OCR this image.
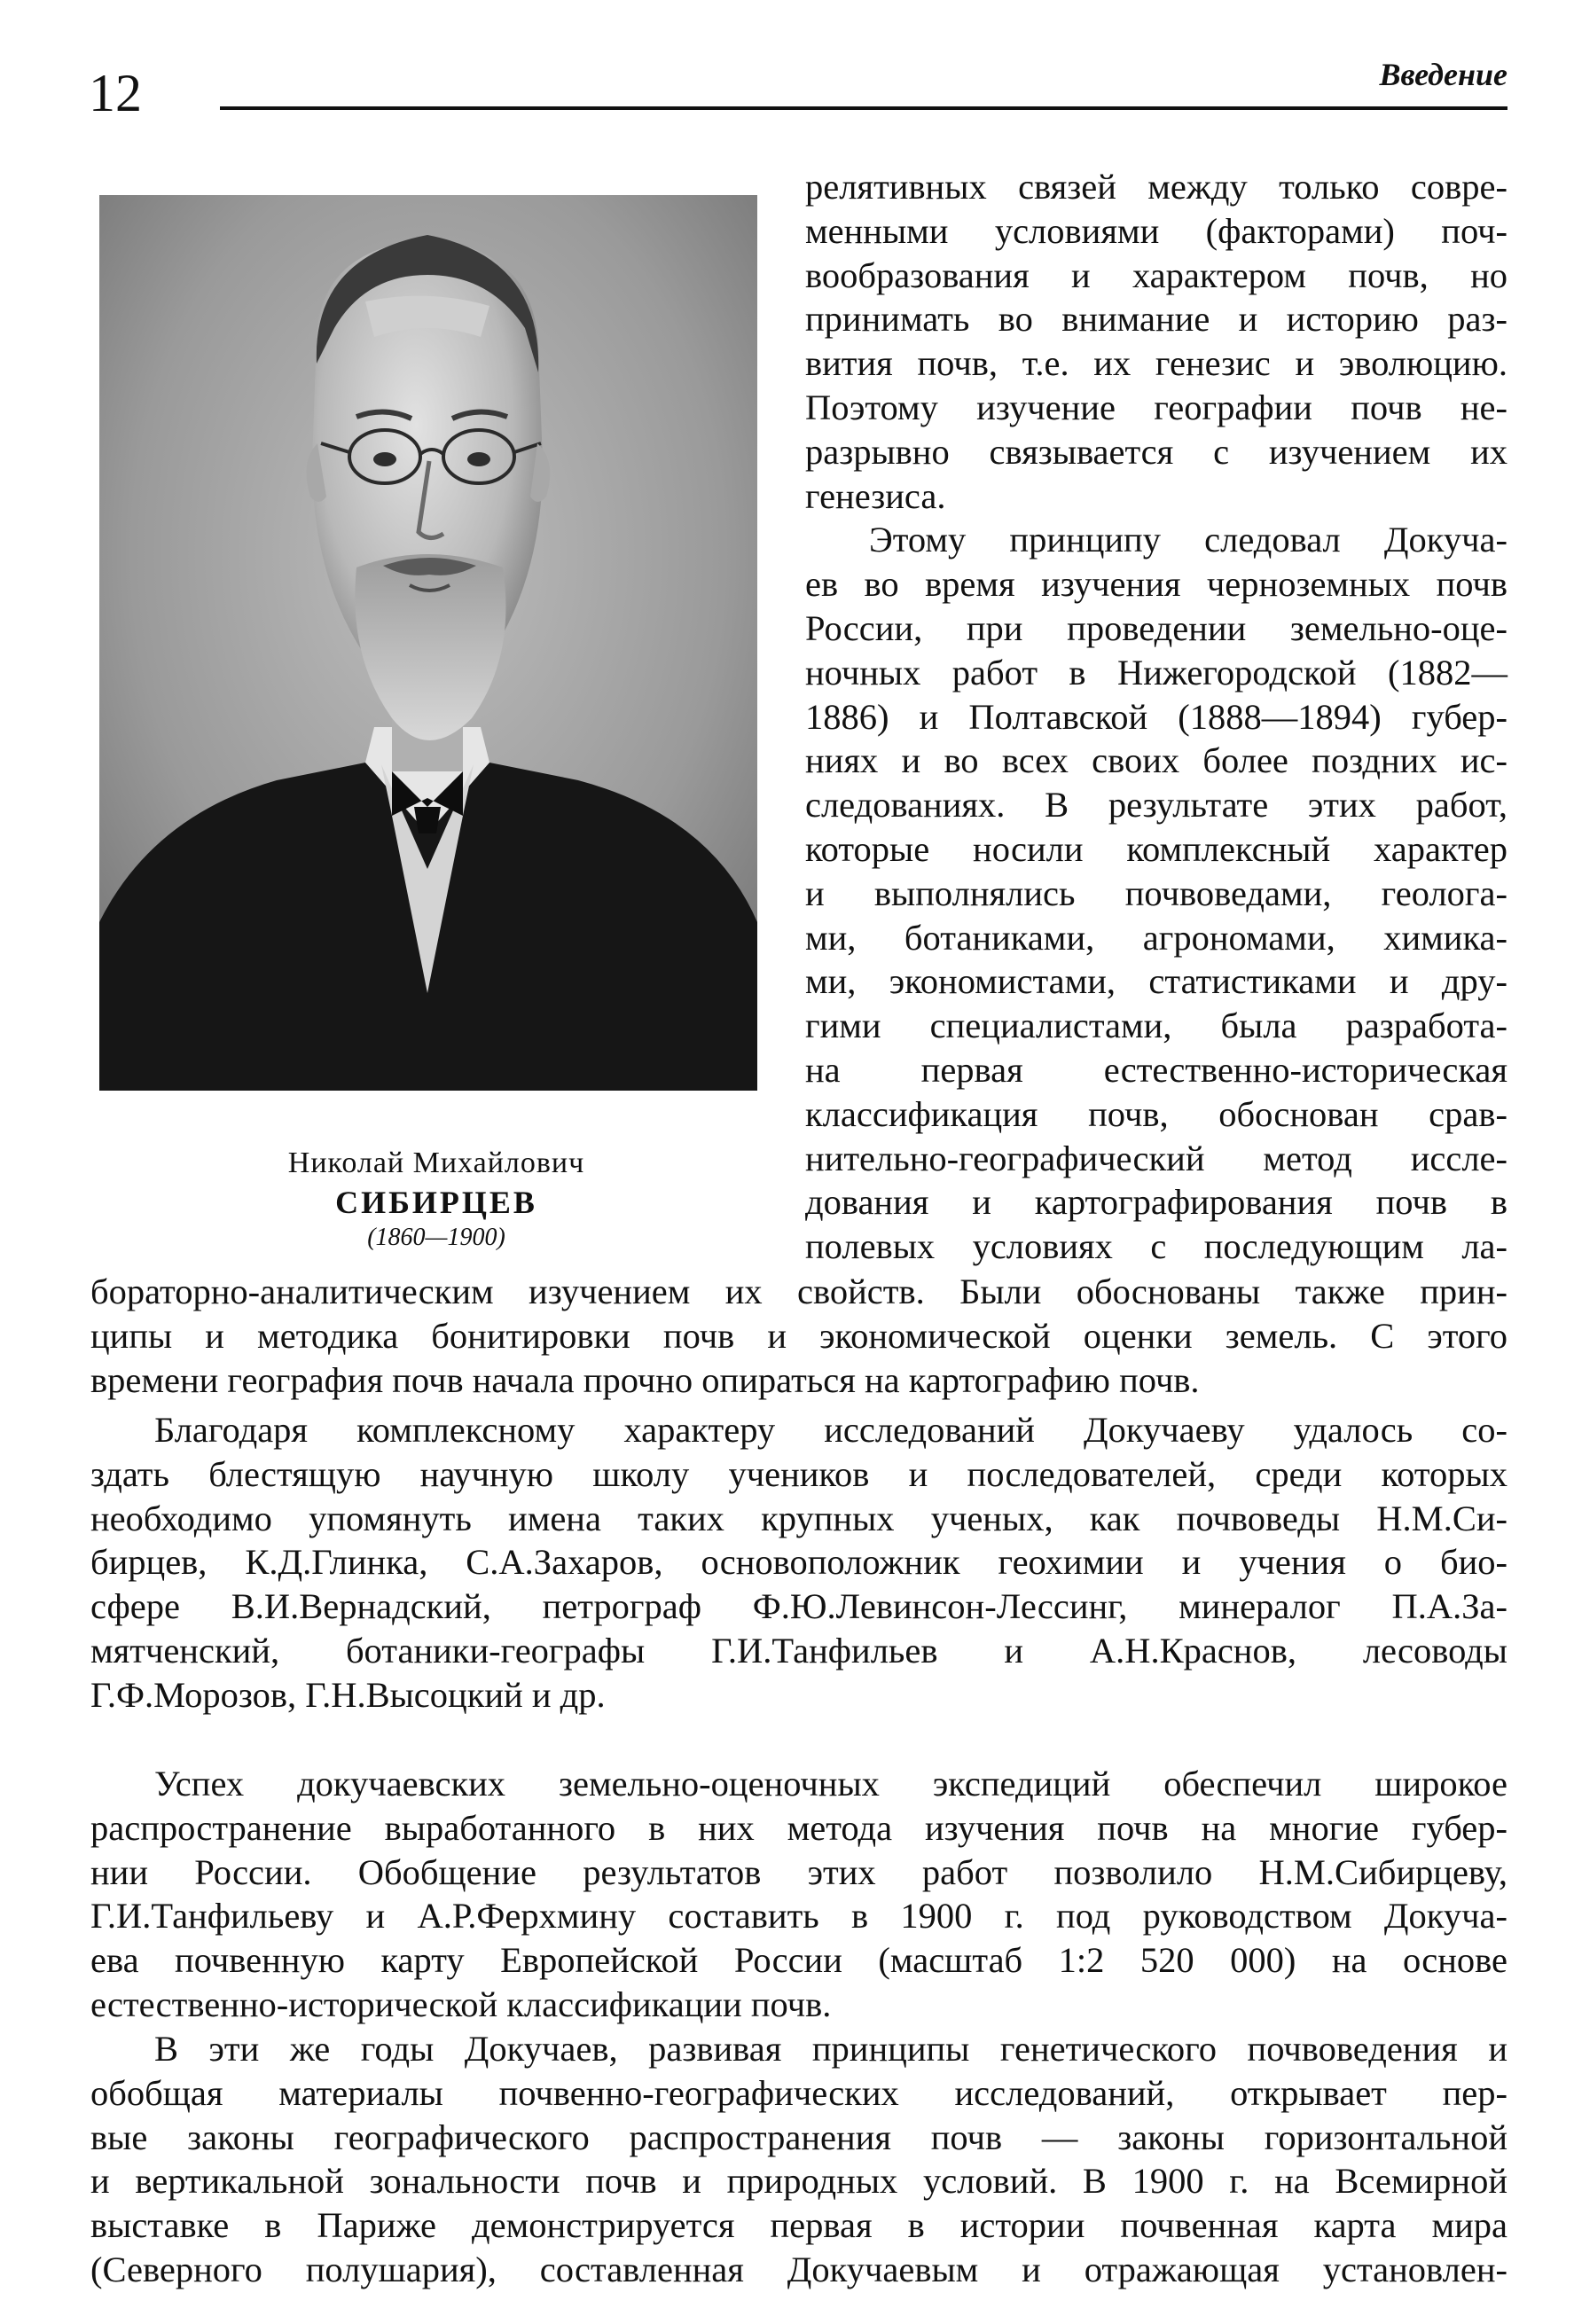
12	Введение
Николай Михайлович
СИБИРЦЕВ
(1860—1900)
релятивных связей между только совре-
менными условиями (факторами) поч-
вообразования и характером почв, но
принимать во внимание и историю раз-
вития почв, т.е. их генезис и эволюцию.
Поэтому изучение географии почв не-
разрывно связывается с изучением их
генезиса.
Этому принципу следовал Докуча-
ев во время изучения черноземных почв
России, при проведении земельно-оце-
ночных работ в Нижегородской (1882—
1886) и Полтавской (1888—1894) губер-
ниях и во всех своих более поздних ис-
следованиях. В результате этих работ,
которые носили комплексный характер
и выполнялись почвоведами, геолога-
ми, ботаниками, агрономами, химика-
ми, экономистами, статистиками и дру-
гими специалистами, была разработа-
на первая естественно-историческая
классификация почв, обоснован срав-
нительно-географический метод иссле-
дования и картографирования почв в
полевых условиях с последующим ла-
бораторно-аналитическим изучением их свойств. Были обоснованы также прин-
ципы и методика бонитировки почв и экономической оценки земель. С этого
времени география почв начала прочно опираться на картографию почв.
Благодаря комплексному характеру исследований Докучаеву удалось со-
здать блестящую научную школу учеников и последователей, среди которых
необходимо упомянуть имена таких крупных ученых, как почвоведы Н.М.Си-
бирцев, К.Д.Глинка, С.А.Захаров, основоположник геохимии и учения о био-
сфере В.И.Вернадский, петрограф Ф.Ю.Левинсон-Лессинг, минералог П.А.За-
мятченский, ботаники-географы Г.И.Танфильев и А.Н.Краснов, лесоводы
Г.Ф.Морозов, Г.Н.Высоцкий и др.
Успех докучаевских земельно-оценочных экспедиций обеспечил широкое
распространение выработанного в них метода изучения почв на многие губер-
нии России. Обобщение результатов этих работ позволило Н.М.Сибирцеву,
Г.И.Танфильеву и А.Р.Ферхмину составить в 1900 г. под руководством Докуча-
ева почвенную карту Европейской России (масштаб 1:2 520 000) на основе
естественно-исторической классификации почв.
В эти же годы Докучаев, развивая принципы генетического почвоведения и
обобщая материалы почвенно-географических исследований, открывает пер-
вые законы географического распространения почв — законы горизонтальной
и вертикальной зональности почв и природных условий. В 1900 г. на Всемирной
выставке в Париже демонстрируется первая в истории почвенная карта мира
(Северного полушария), составленная Докучаевым и отражающая установлен-
